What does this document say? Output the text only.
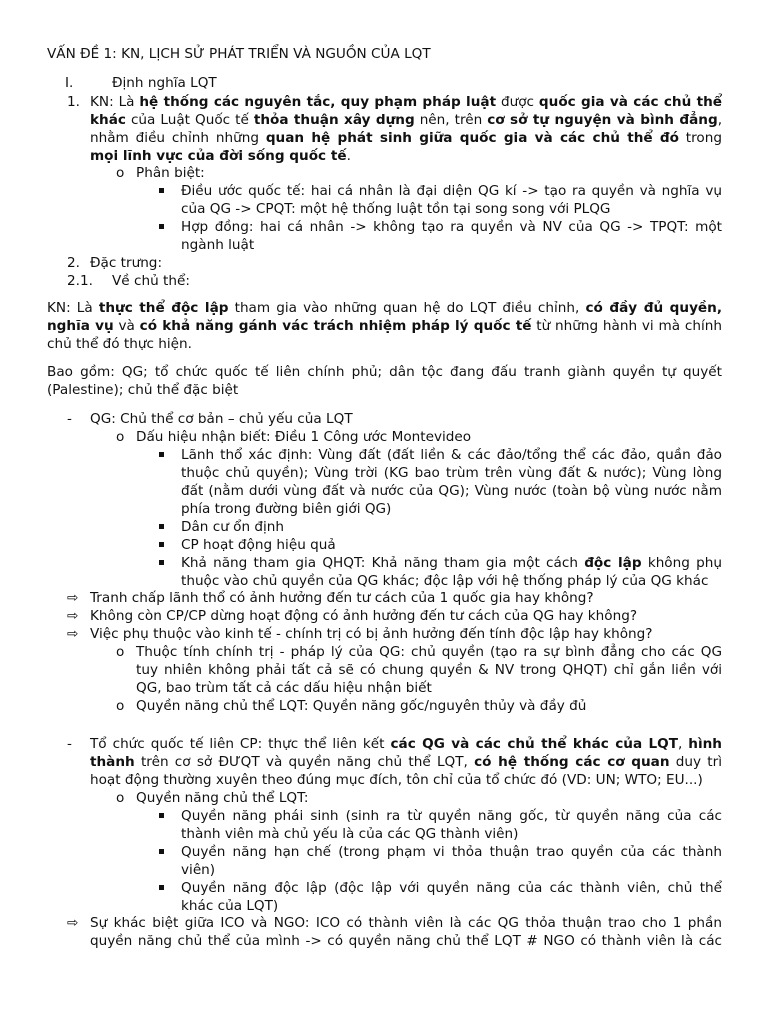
VẤN ĐỀ 1: KN, LỊCH SỬ PHÁT TRIỂN VÀ NGUỒN CỦA LQT
I.	Định nghĩa LQT
1. KN: Là hệ thống các nguyên tắc, quy phạm pháp luật được quốc gia và các chủ thể
khác của Luật Quốc tế thỏa thuận xây dựng nên, trên cơ sở tự nguyện và bình đẳng,
nhằm điều chỉnh những quan hệ phát sinh giữa quốc gia và các chủ thể đó trong
mọi lĩnh vực của đời sống quốc tế.
o Phân biệt:
Điều ước quốc tế: hai cá nhân là đại diện QG kí -> tạo ra quyền và nghĩa vụ
của QG -> CPQT: một hệ thống luật tồn tại song song với PLQG
Hợp đồng: hai cá nhân -> không tạo ra quyền và NV của QG -> TPQT: một
ngành luật
2. Đặc trưng:
2.1. Về chủ thể:
KN: Là thực thể độc lập tham gia vào những quan hệ do LQT điều chỉnh, có đầy đủ quyền,
nghĩa vụ và có khả năng gánh vác trách nhiệm pháp lý quốc tế từ những hành vi mà chính
chủ thể đó thực hiện.
Bao gồm: QG; tổ chức quốc tế liên chính phủ; dân tộc đang đấu tranh giành quyền tự quyết
(Palestine); chủ thể đặc biệt
- QG: Chủ thể cơ bản – chủ yếu của LQT
o Dấu hiệu nhận biết: Điều 1 Công ước Montevideo
Lãnh thổ xác định: Vùng đất (đất liền & các đảo/tổng thể các đảo, quần đảo
thuộc chủ quyền); Vùng trời (KG bao trùm trên vùng đất & nước); Vùng lòng
đất (nằm dưới vùng đất và nước của QG); Vùng nước (toàn bộ vùng nước nằm
phía trong đường biên giới QG)
Dân cư ổn định
CP hoạt động hiệu quả
Khả năng tham gia QHQT: Khả năng tham gia một cách độc lập không phụ
thuộc vào chủ quyền của QG khác; độc lập với hệ thống pháp lý của QG khác
⇨ Tranh chấp lãnh thổ có ảnh hưởng đến tư cách của 1 quốc gia hay không?
⇨ Không còn CP/CP dừng hoạt động có ảnh hưởng đến tư cách của QG hay không?
⇨ Việc phụ thuộc vào kinh tế - chính trị có bị ảnh hưởng đến tính độc lập hay không?
o Thuộc tính chính trị - pháp lý của QG: chủ quyền (tạo ra sự bình đẳng cho các QG
tuy nhiên không phải tất cả sẽ có chung quyền & NV trong QHQT) chỉ gắn liền với
QG, bao trùm tất cả các dấu hiệu nhận biết
o Quyền năng chủ thể LQT: Quyền năng gốc/nguyên thủy và đầy đủ
- Tổ chức quốc tế liên CP: thực thể liên kết các QG và các chủ thể khác của LQT, hình
thành trên cơ sở ĐƯQT và quyền năng chủ thể LQT, có hệ thống các cơ quan duy trì
hoạt động thường xuyên theo đúng mục đích, tôn chỉ của tổ chức đó (VD: UN; WTO; EU...)
o Quyền năng chủ thể LQT:
Quyền năng phái sinh (sinh ra từ quyền năng gốc, từ quyền năng của các
thành viên mà chủ yếu là của các QG thành viên)
Quyền năng hạn chế (trong phạm vi thỏa thuận trao quyền của các thành
viên)
Quyền năng độc lập (độc lập với quyền năng của các thành viên, chủ thể
khác của LQT)
⇨ Sự khác biệt giữa ICO và NGO: ICO có thành viên là các QG thỏa thuận trao cho 1 phần
quyền năng chủ thể của mình -> có quyền năng chủ thể LQT # NGO có thành viên là các
